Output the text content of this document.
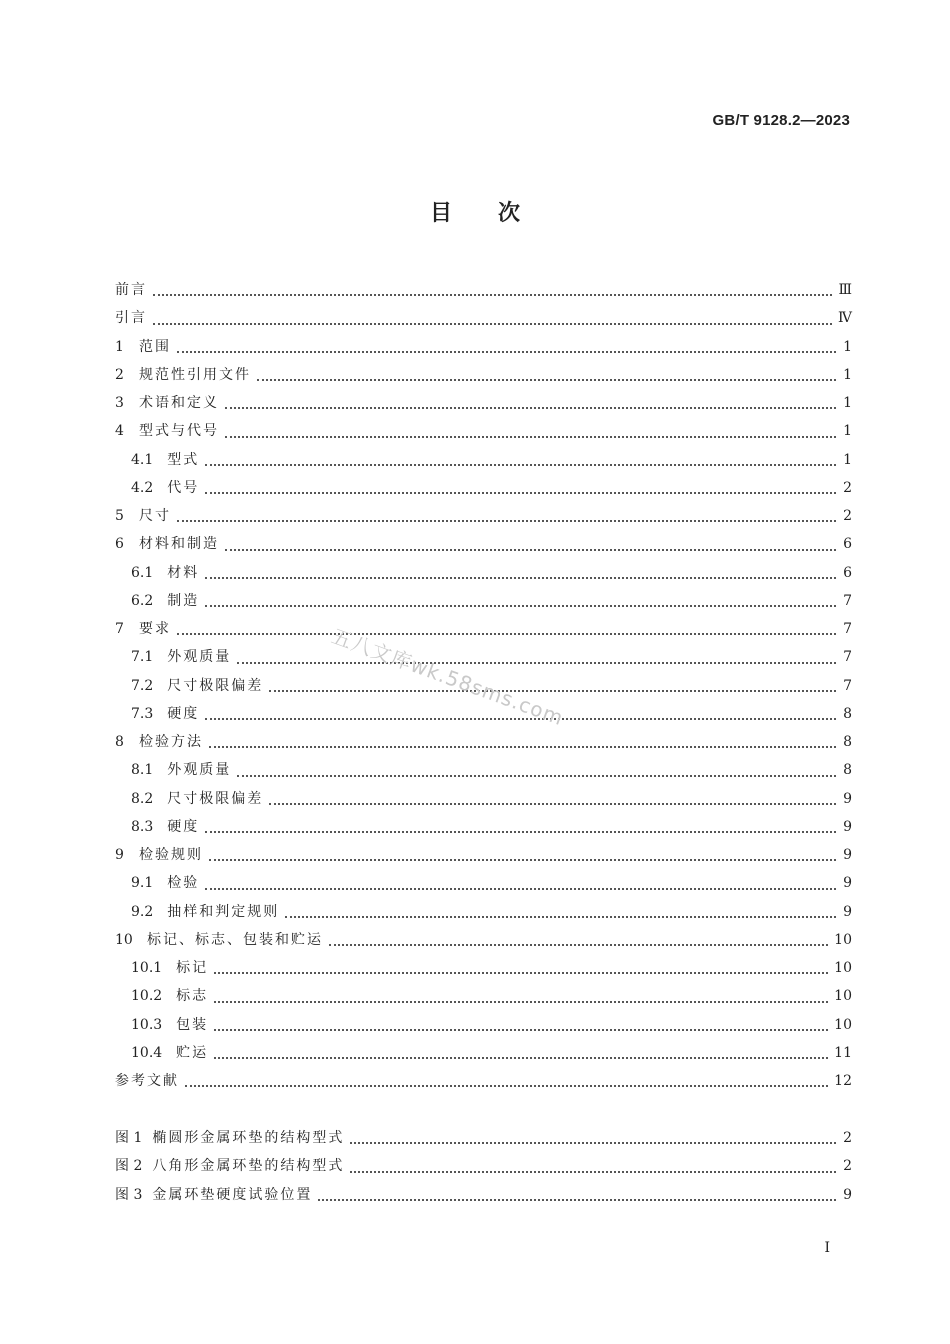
GB/T 9128.2—2023
目次
前言	Ⅲ
引言	Ⅳ
1 范围	1
2 规范性引用文件	1
3 术语和定义	1
4 型式与代号	1
4.1 型式	1
4.2 代号	2
5 尺寸	2
6 材料和制造	6
6.1 材料	6
6.2 制造	7
7 要求	7
7.1 外观质量	7
7.2 尺寸极限偏差	7
7.3 硬度	8
8 检验方法	8
8.1 外观质量	8
8.2 尺寸极限偏差	9
8.3 硬度	9
9 检验规则	9
9.1 检验	9
9.2 抽样和判定规则	9
10 标记、标志、包装和贮运	10
10.1 标记	10
10.2 标志	10
10.3 包装	10
10.4 贮运	11
参考文献	12
图 1 椭圆形金属环垫的结构型式	2
图 2 八角形金属环垫的结构型式	2
图 3 金属环垫硬度试验位置	9
五八文库wk.58sms.com
Ⅰ
